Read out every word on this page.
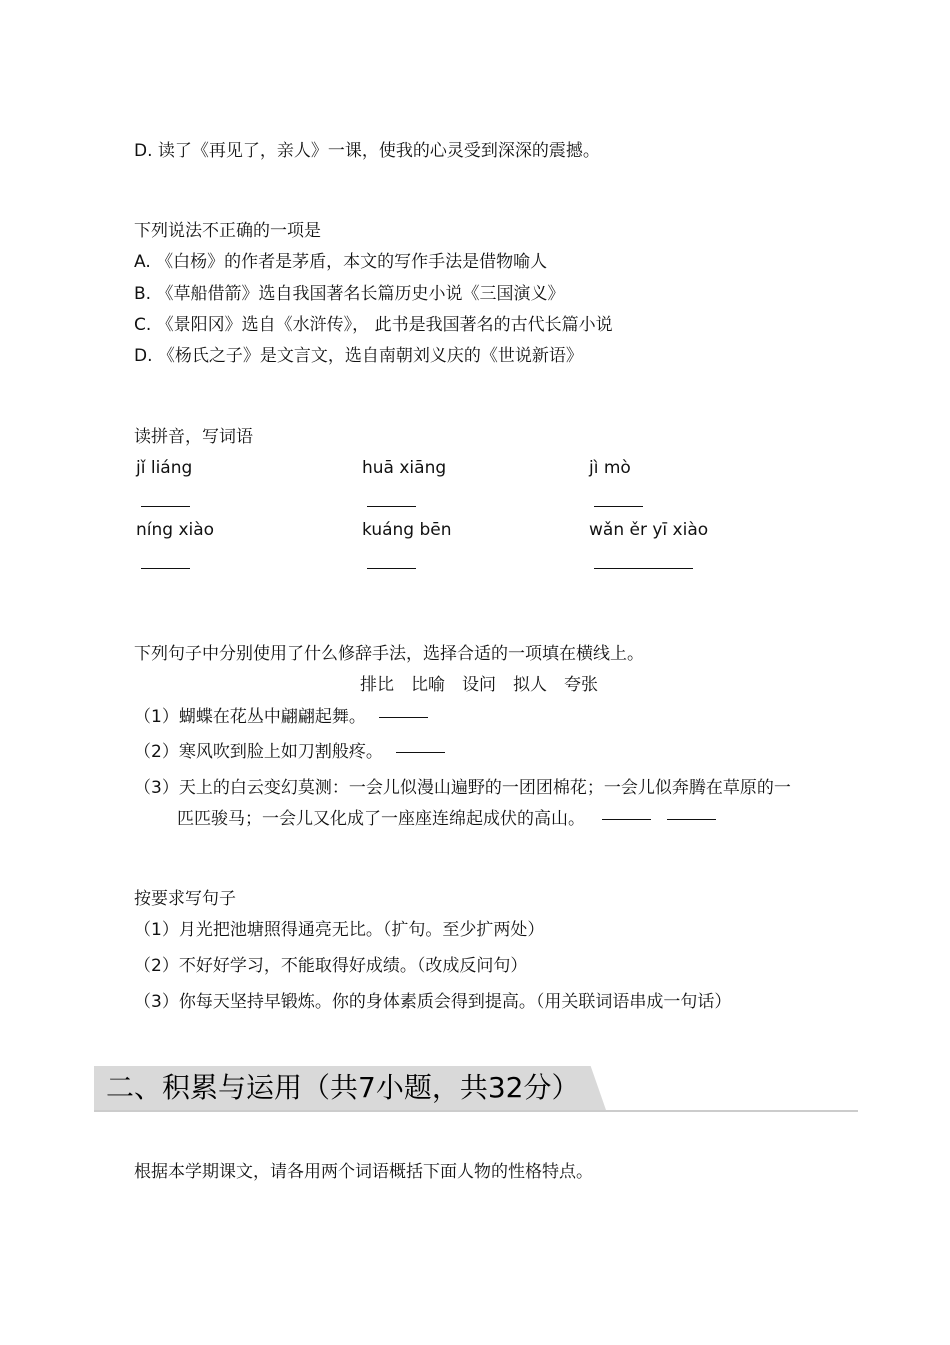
D. 读了《再见了，亲人》一课，使我的心灵受到深深的震撼。
下列说法不正确的一项是
A. 《白杨》的作者是茅盾，本文的写作手法是借物喻人
B. 《草船借箭》选自我国著名长篇历史小说《三国演义》
C. 《景阳冈》选自《水浒传》， 此书是我国著名的古代长篇小说
D. 《杨氏之子》是文言文，选自南朝刘义庆的《世说新语》
读拼音，写词语
jǐ liáng	huā xiāng	jì mò
níng xiào	kuáng bēn	wǎn ěr yī xiào
下列句子中分别使用了什么修辞手法，选择合适的一项填在横线上。
排比　比喻　设问　拟人　夸张
（1）蝴蝶在花丛中翩翩起舞。
（2）寒风吹到脸上如刀割般疼。
（3）天上的白云变幻莫测：一会儿似漫山遍野的一团团棉花；一会儿似奔腾在草原的一
匹匹骏马；一会儿又化成了一座座连绵起成伏的高山。
按要求写句子
（1）月光把池塘照得通亮无比。（扩句。至少扩两处）
（2）不好好学习，不能取得好成绩。（改成反问句）
（3）你每天坚持早锻炼。你的身体素质会得到提高。（用关联词语串成一句话）
二、积累与运用（共7小题，共32分）
根据本学期课文，请各用两个词语概括下面人物的性格特点。
